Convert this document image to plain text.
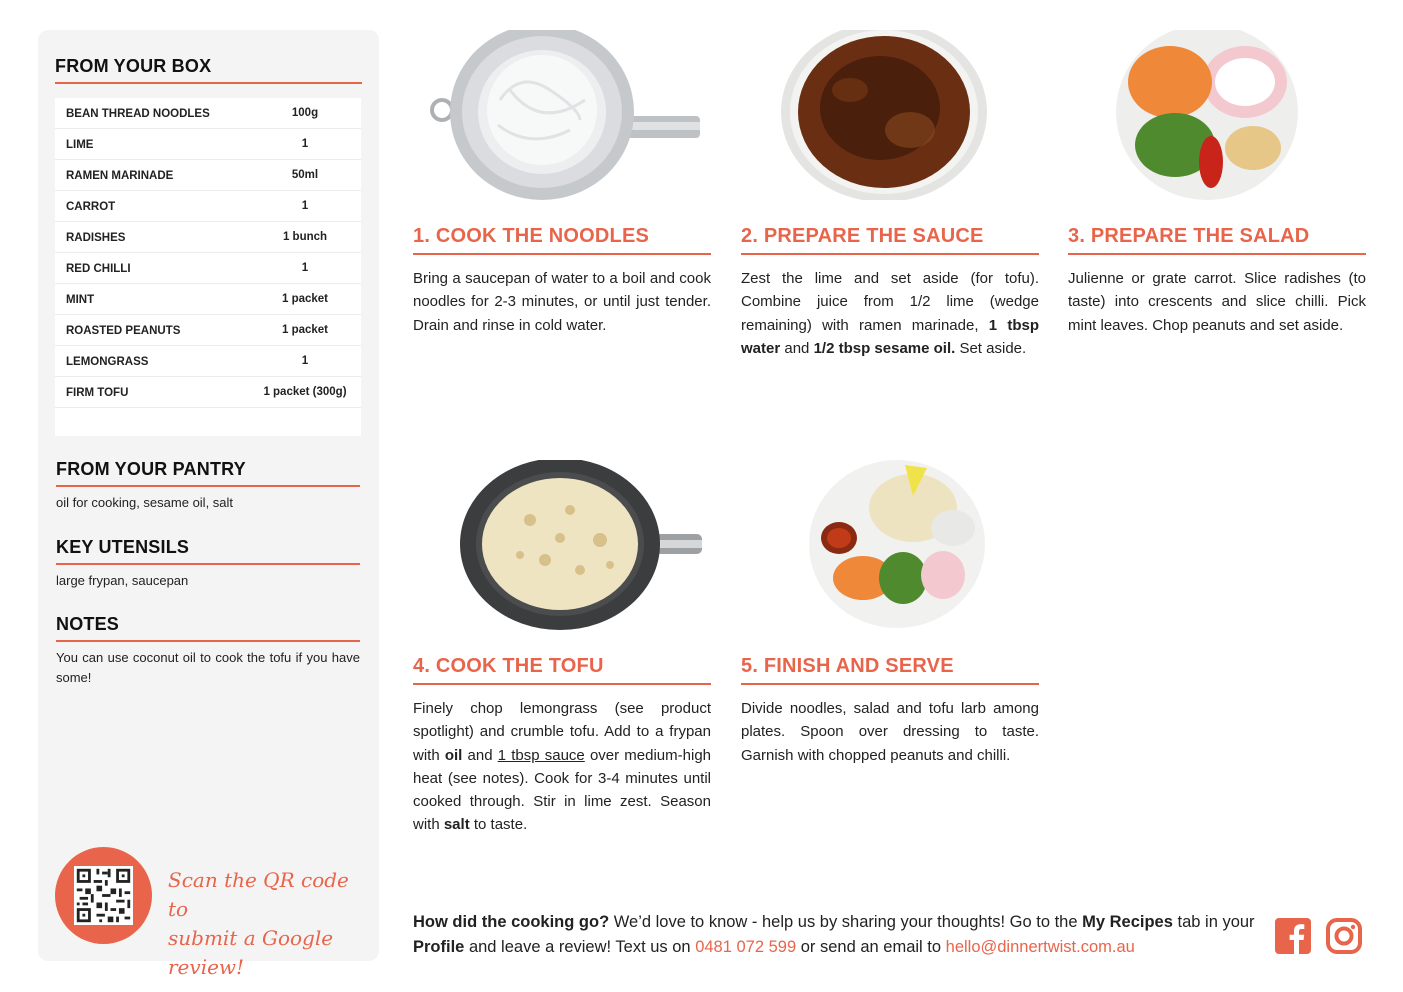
FROM YOUR BOX
BEAN THREAD NOODLES	100g
LIME	1
RAMEN MARINADE	50ml
CARROT	1
RADISHES	1 bunch
RED CHILLI	1
MINT	1 packet
ROASTED PEANUTS	1 packet
LEMONGRASS	1
FIRM TOFU	1 packet (300g)
FROM YOUR PANTRY
oil for cooking, sesame oil, salt
KEY UTENSILS
large frypan, saucepan
NOTES
You can use coconut oil to cook the tofu if you have some!
Scan the QR code to
submit a Google review!
1. COOK THE NOODLES
Bring a saucepan of water to a boil and cook noodles for 2-3 minutes, or until just tender. Drain and rinse in cold water.
2. PREPARE THE SAUCE
Zest the lime and set aside (for tofu). Combine juice from 1/2 lime (wedge remaining) with ramen marinade, 1 tbsp water and 1/2 tbsp sesame oil. Set aside.
3. PREPARE THE SALAD
Julienne or grate carrot. Slice radishes (to taste) into crescents and slice chilli. Pick mint leaves. Chop peanuts and set aside.
4. COOK THE TOFU
Finely chop lemongrass (see product spotlight) and crumble tofu. Add to a frypan with oil and 1 tbsp sauce over medium-high heat (see notes). Cook for 3-4 minutes until cooked through. Stir in lime zest. Season with salt to taste.
5. FINISH AND SERVE
Divide noodles, salad and tofu larb among plates. Spoon over dressing to taste. Garnish with chopped peanuts and chilli.
How did the cooking go? We’d love to know - help us by sharing your thoughts! Go to the My Recipes tab in your Profile and leave a review! Text us on 0481 072 599 or send an email to hello@dinnertwist.com.au
